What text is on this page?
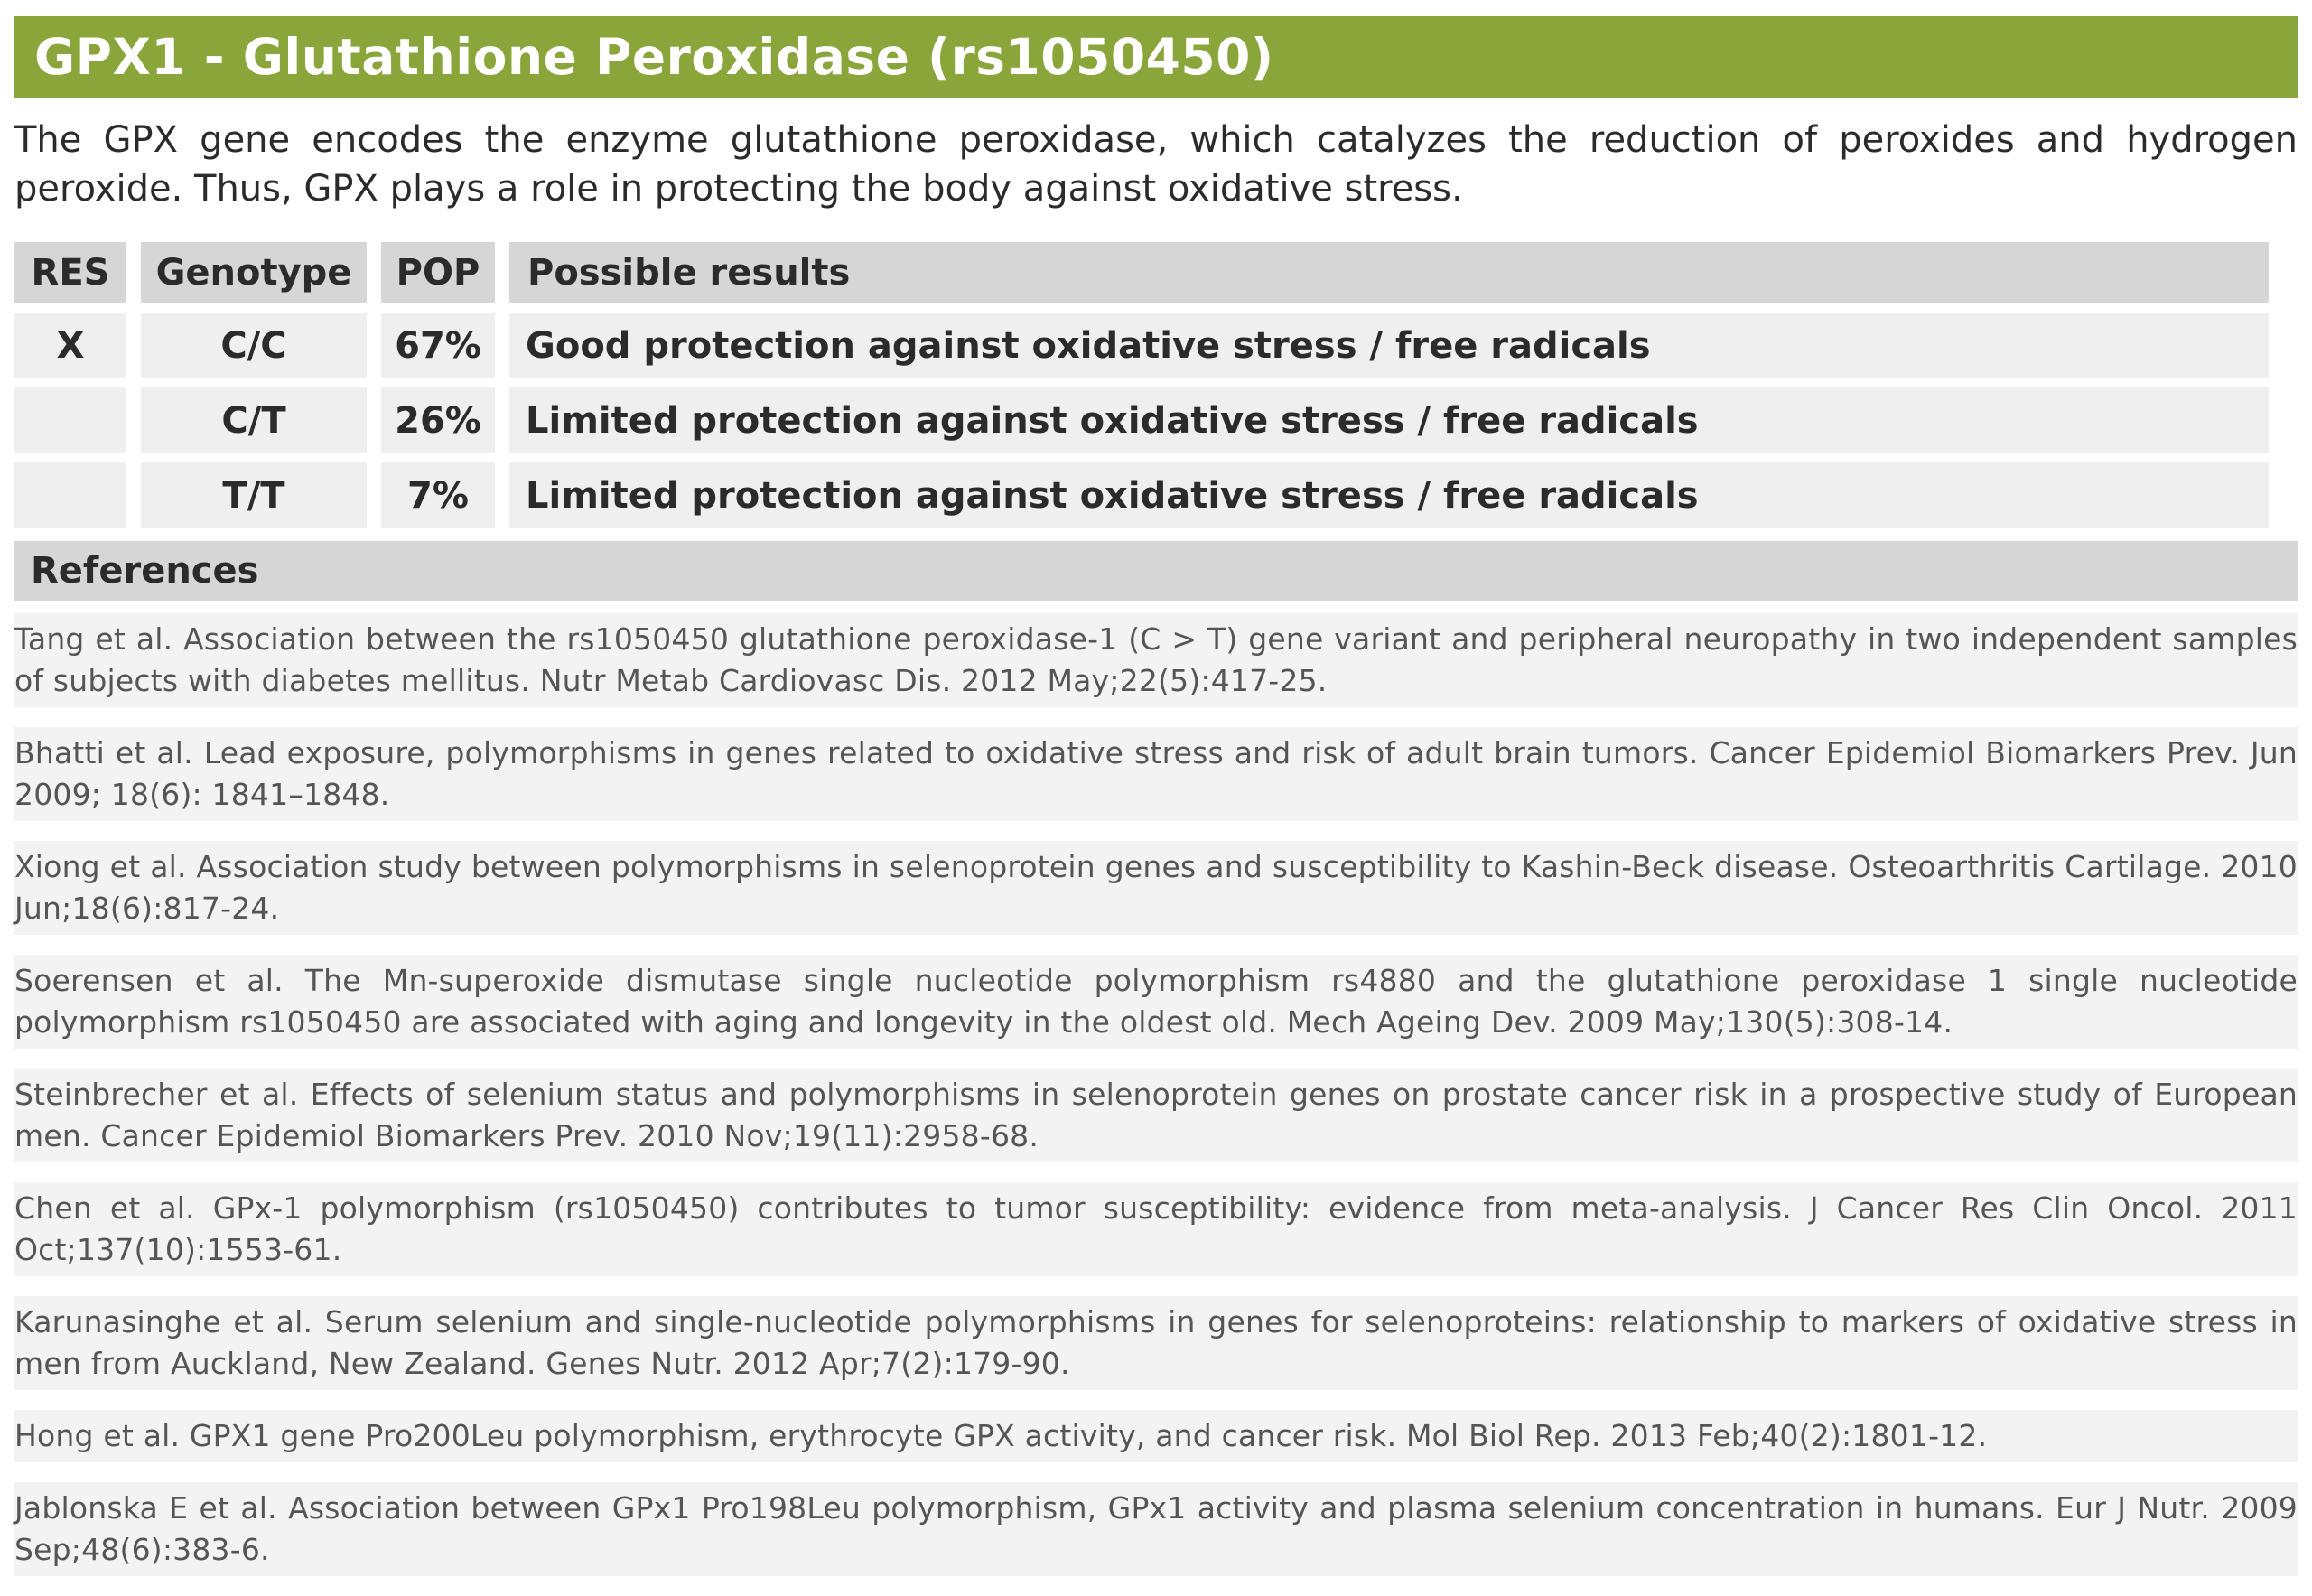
GPX1 - Glutathione Peroxidase (rs1050450)
The GPX gene encodes the enzyme glutathione peroxidase, which catalyzes the reduction of peroxides and hydrogen peroxide. Thus, GPX plays a role in protecting the body against oxidative stress.
RES	Genotype	POP	Possible results
X	C/C	67%	Good protection against oxidative stress / free radicals
	C/T	26%	Limited protection against oxidative stress / free radicals
	T/T	7%	Limited protection against oxidative stress / free radicals
References
Tang et al. Association between the rs1050450 glutathione peroxidase-1 (C > T) gene variant and peripheral neuropathy in two independent samples of subjects with diabetes mellitus. Nutr Metab Cardiovasc Dis. 2012 May;22(5):417-25.
Bhatti et al. Lead exposure, polymorphisms in genes related to oxidative stress and risk of adult brain tumors. Cancer Epidemiol Biomarkers Prev. Jun 2009; 18(6): 1841–1848.
Xiong et al. Association study between polymorphisms in selenoprotein genes and susceptibility to Kashin-Beck disease. Osteoarthritis Cartilage. 2010 Jun;18(6):817-24.
Soerensen et al. The Mn-superoxide dismutase single nucleotide polymorphism rs4880 and the glutathione peroxidase 1 single nucleotide polymorphism rs1050450 are associated with aging and longevity in the oldest old. Mech Ageing Dev. 2009 May;130(5):308-14.
Steinbrecher et al. Effects of selenium status and polymorphisms in selenoprotein genes on prostate cancer risk in a prospective study of European men. Cancer Epidemiol Biomarkers Prev. 2010 Nov;19(11):2958-68.
Chen et al. GPx-1 polymorphism (rs1050450) contributes to tumor susceptibility: evidence from meta-analysis. J Cancer Res Clin Oncol. 2011 Oct;137(10):1553-61.
Karunasinghe et al. Serum selenium and single-nucleotide polymorphisms in genes for selenoproteins: relationship to markers of oxidative stress in men from Auckland, New Zealand. Genes Nutr. 2012 Apr;7(2):179-90.
Hong et al. GPX1 gene Pro200Leu polymorphism, erythrocyte GPX activity, and cancer risk. Mol Biol Rep. 2013 Feb;40(2):1801-12.
Jablonska E et al. Association between GPx1 Pro198Leu polymorphism, GPx1 activity and plasma selenium concentration in humans. Eur J Nutr. 2009 Sep;48(6):383-6.
